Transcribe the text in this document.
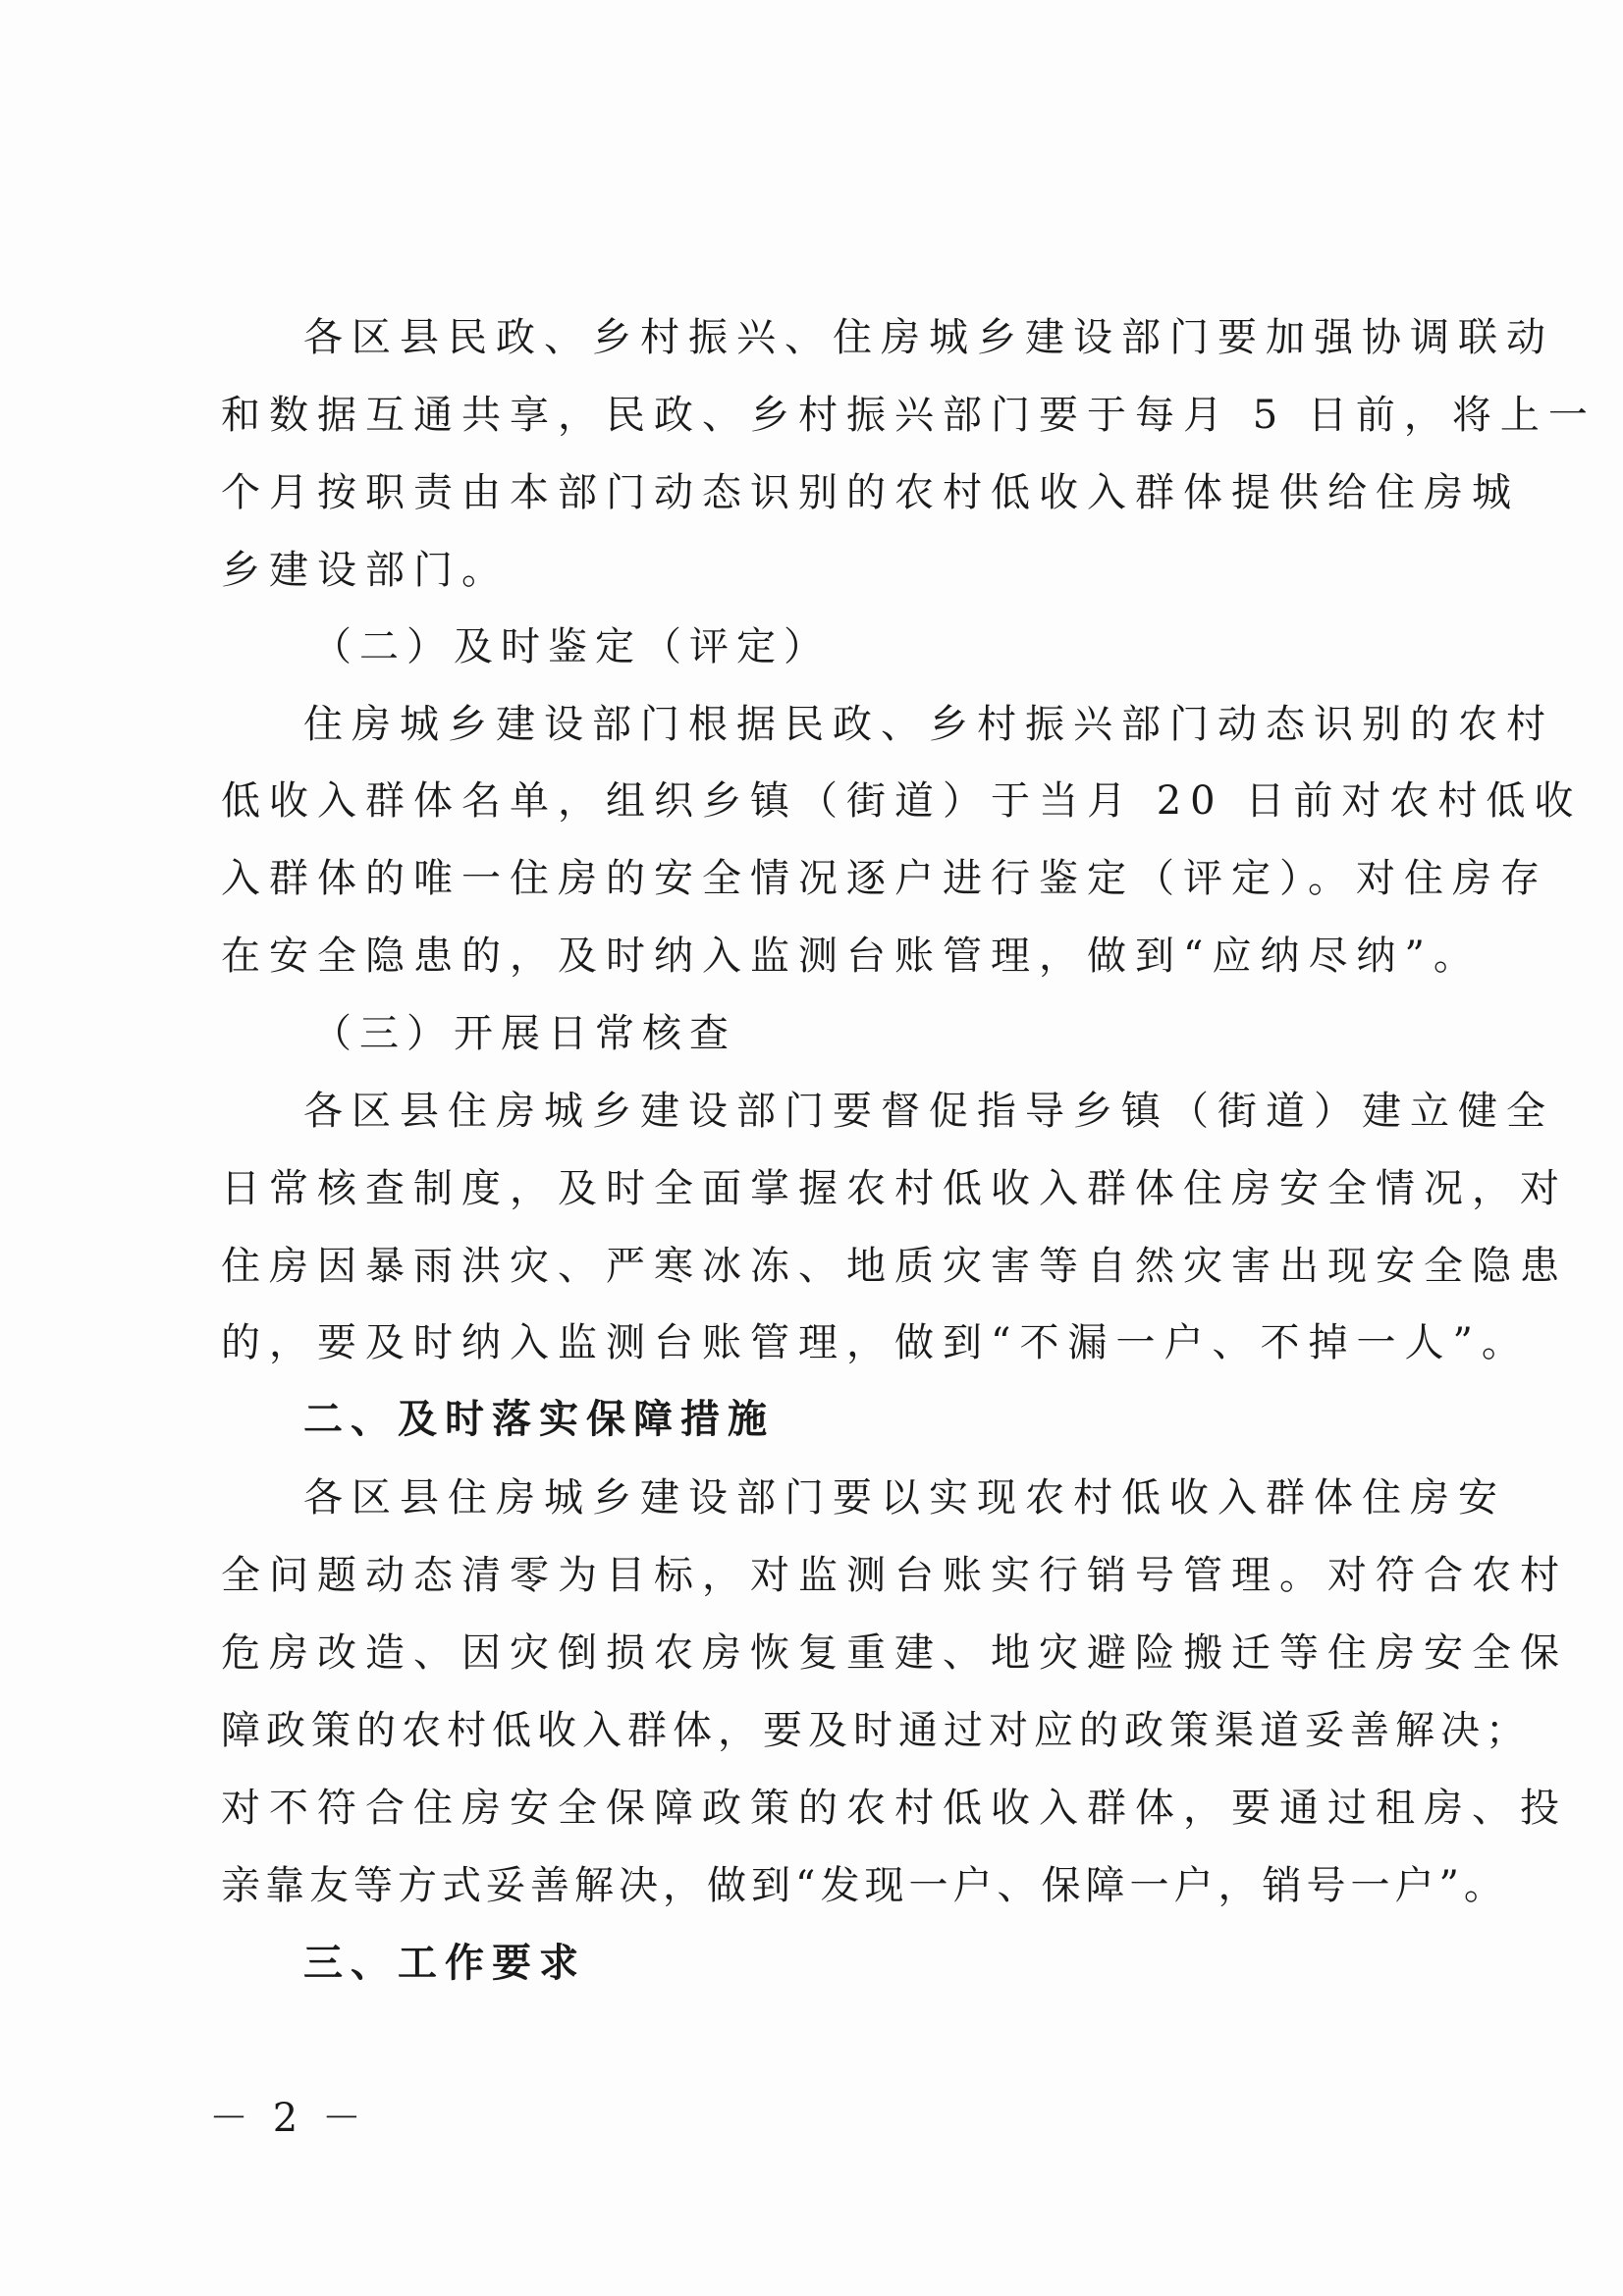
各区县民政、乡村振兴、住房城乡建设部门要加强协调联动
和数据互通共享，民政、乡村振兴部门要于每月 5 日前，将上一
个月按职责由本部门动态识别的农村低收入群体提供给住房城
乡建设部门。
（二）及时鉴定（评定）
住房城乡建设部门根据民政、乡村振兴部门动态识别的农村
低收入群体名单，组织乡镇（街道）于当月 20 日前对农村低收
入群体的唯一住房的安全情况逐户进行鉴定（评定）。对住房存
在安全隐患的，及时纳入监测台账管理，做到“应纳尽纳”。
（三）开展日常核查
各区县住房城乡建设部门要督促指导乡镇（街道）建立健全
日常核查制度，及时全面掌握农村低收入群体住房安全情况，对
住房因暴雨洪灾、严寒冰冻、地质灾害等自然灾害出现安全隐患
的，要及时纳入监测台账管理，做到“不漏一户、不掉一人”。
二、及时落实保障措施
各区县住房城乡建设部门要以实现农村低收入群体住房安
全问题动态清零为目标，对监测台账实行销号管理。对符合农村
危房改造、因灾倒损农房恢复重建、地灾避险搬迁等住房安全保
障政策的农村低收入群体，要及时通过对应的政策渠道妥善解决；
对不符合住房安全保障政策的农村低收入群体，要通过租房、投
亲靠友等方式妥善解决，做到“发现一户、保障一户，销号一户”。
三、工作要求
－ 2 －
